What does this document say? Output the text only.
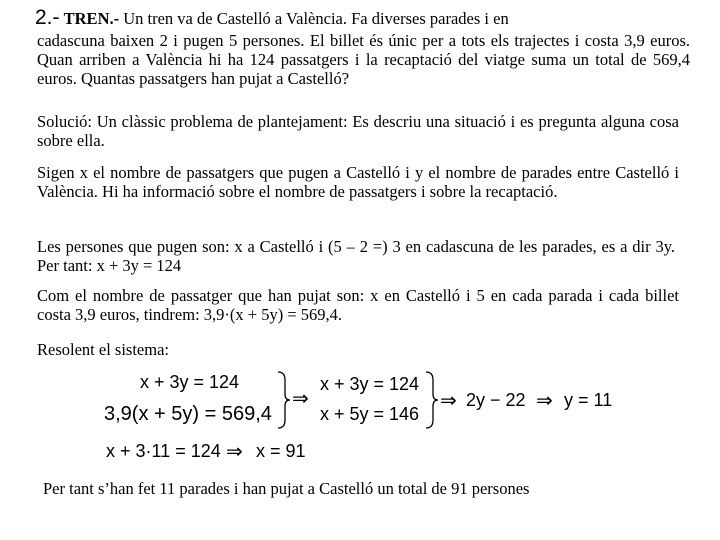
2.- TREN.- Un tren va de Castelló a València. Fa diverses parades i en
cadascuna baixen 2 i pugen 5 persones. El billet és únic per a tots els trajectes i costa 3,9 euros. Quan arriben a València hi ha 124 passatgers i la recaptació del viatge suma un total de 569,4 euros. Quantas passatgers han pujat a Castelló?
Solució: Un clàssic problema de plantejament: Es descriu una situació i es pregunta alguna cosa sobre ella.
Sigen x el nombre de passatgers que pugen a Castelló i y el nombre de parades entre Castelló i València. Hi ha informació sobre el nombre de passatgers i sobre la recaptació.
Les persones que pugen son: x a Castelló i (5 – 2 =) 3 en cadascuna de les parades, es a dir 3y. Per tant: x + 3y = 124
Com el nombre de passatger que han pujat son: x en Castelló i 5 en cada parada i cada billet costa 3,9 euros, tindrem: 3,9·(x + 5y) = 569,4.
Resolent el sistema:
x + 3y = 124
3,9(x + 5y) = 569,4
⇒
x + 3y = 124
x + 5y = 146
⇒ 2y − 22 ⇒ y = 11
x + 3·11 = 124 ⇒ x = 91
Per tant s’han fet 11 parades i han pujat a Castelló un total de 91 persones
